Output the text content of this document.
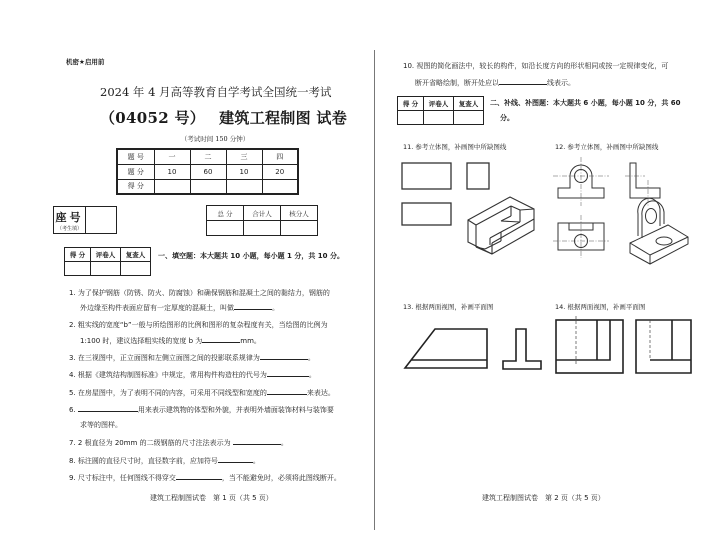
机密★启用前
2024 年 4 月高等教育自学考试全国统一考试
（04052 号） 建筑工程制图 试卷
（考试时间 150 分钟）
题 号	一	二	三	四
题 分	10	60	10	20
得 分				
座号
（考生填）
总 分	合计人	核分人

得 分	评卷人	复查人
		一、填空题：本大题共 10 小题，每小题 1 分，共 10 分。
1. 为了保护钢筋（防锈、防火、防腐蚀）和确保钢筋和混凝土之间的黏结力，钢筋的
外边缘至构件表面应留有一定厚度的混凝土，叫做	。
2. 粗实线的宽度“b”一般与所绘图形的比例和图形的复杂程度有关，当绘图的比例为
1:100 时，建议选择粗实线的宽度 b 为	mm。
3. 在三视图中，正立面图和左侧立面图之间的投影联系规律为	。
4. 根据《建筑结构制图标准》中规定，常用构件构造柱的代号为	。
5. 在房屋图中，为了表明不同的内容，可采用不同线型和宽度的	来表达。
6.	用来表示建筑物的体型和外貌，并表明外墙面装饰材料与装饰要
求等的图样。
7. 2 根直径为 20mm 的二级钢筋的尺寸注法表示为	。
8. 标注圆的直径尺寸时，直径数字前，应加符号	。
9. 尺寸标注中，任何图线不得穿交	，当不能避免时，必须将此图线断开。
建筑工程制图试卷　第 1 页（共 5 页）
10. 视图的简化画法中，较长的构件，如沿长度方向的形状相同或按一定规律变化，可
断开省略绘制，断开处应以	线表示。
得 分	评卷人	复查人
		二、补线、补图题：本大题共 6 小题，每小题 10 分，共 60
分。
11. 参考立体图，补画图中所缺图线	12. 参考立体图，补画图中所缺图线
13. 根据两面视图，补画平面图	14. 根据两面视图，补画平面图
建筑工程制图试卷　第 2 页（共 5 页）
